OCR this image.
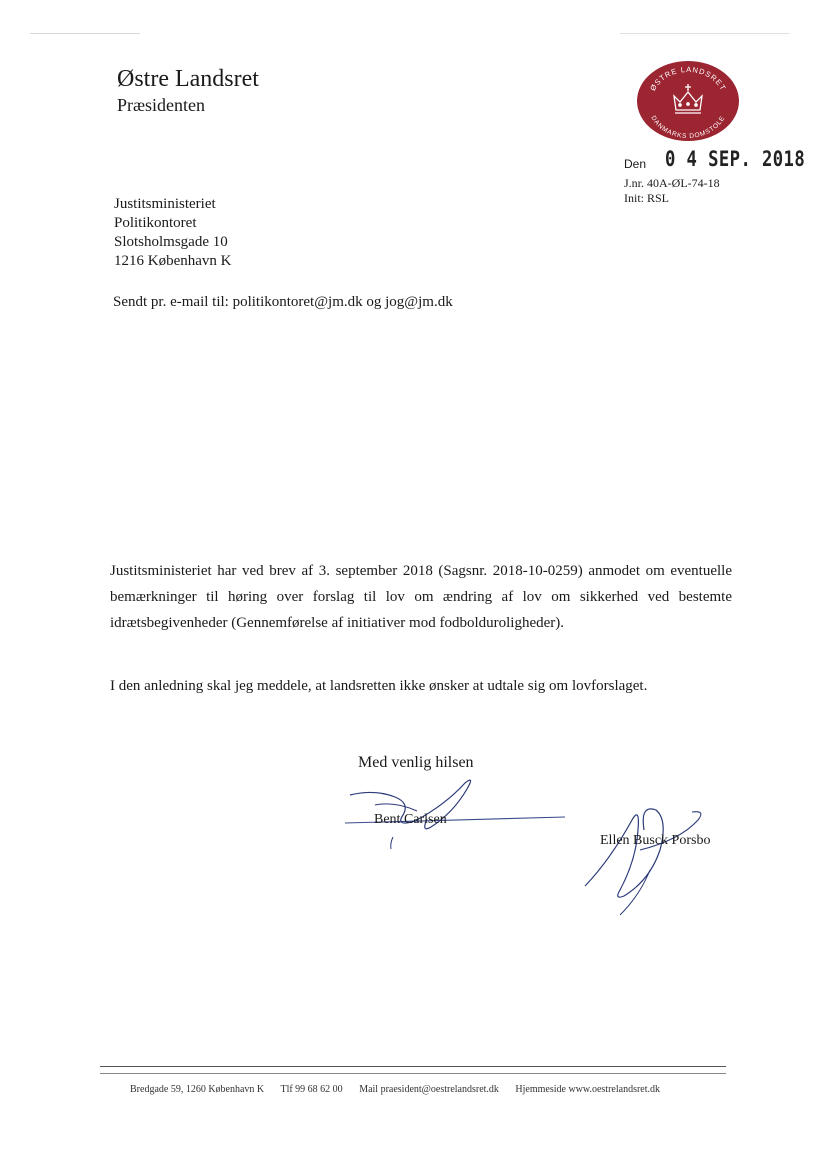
Østre Landsret
Præsidenten
ØSTRE LANDSRET
DANMARKS DOMSTOLE
Den 0 4 SEP. 2018
J.nr. 40A-ØL-74-18
Init: RSL
Justitsministeriet
Politikontoret
Slotsholmsgade 10
1216 København K
Sendt pr. e-mail til: politikontoret@jm.dk og jog@jm.dk
Justitsministeriet har ved brev af 3. september 2018 (Sagsnr. 2018-10-0259) anmodet om eventuelle bemærkninger til høring over forslag til lov om ændring af lov om sikkerhed ved bestemte idrætsbegivenheder (Gennemførelse af initiativer mod fodbolduroligheder).
I den anledning skal jeg meddele, at landsretten ikke ønsker at udtale sig om lovforslaget.
Med venlig hilsen
Bent Carlsen
Ellen Busck Porsbo
Bredgade 59, 1260 København K Tlf 99 68 62 00 Mail praesident@oestrelandsret.dk Hjemmeside www.oestrelandsret.dk
